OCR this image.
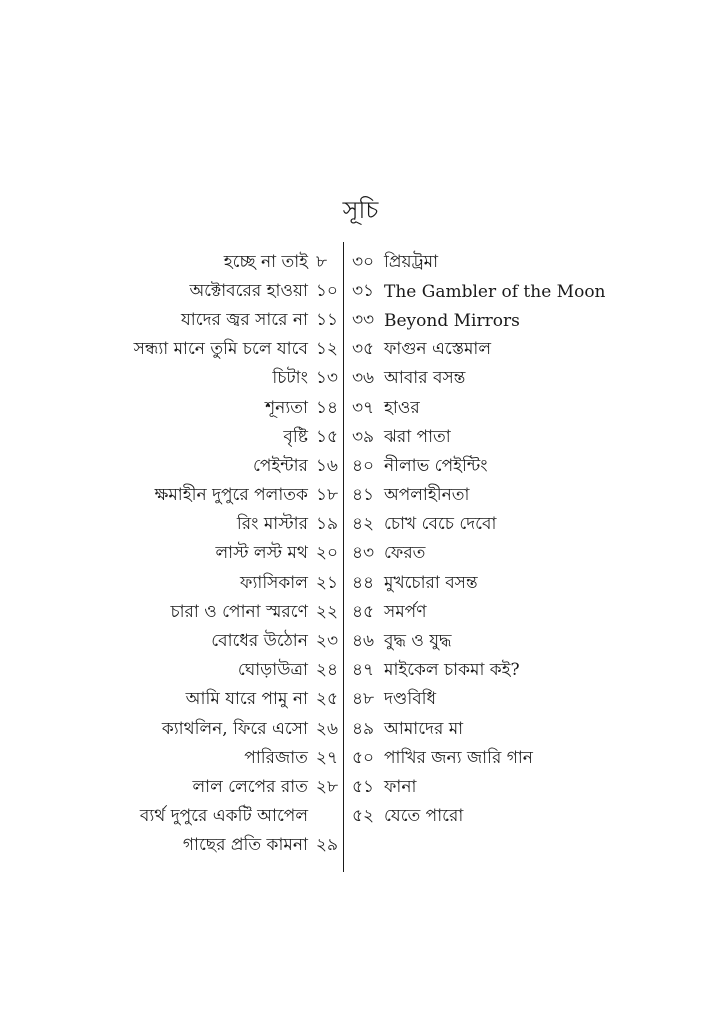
সূচি
হচ্ছে না তাই ৮
অক্টোবরের হাওয়া ১০
যাদের জ্বর সারে না ১১
সন্ধ্যা মানে তুমি চলে যাবে ১২
চিটাং ১৩
শূন্যতা ১৪
বৃষ্টি ১৫
পেইন্টার ১৬
ক্ষমাহীন দুপুরে পলাতক ১৮
রিং মাস্টার ১৯
লাস্ট লস্ট মথ ২০
ফ্যাসিকাল ২১
চারা ও পোনা স্মরণে ২২
বোধের উঠোন ২৩
ঘোড়াউত্রা ২৪
আমি যারে পামু না ২৫
ক্যাথলিন, ফিরে এসো ২৬
পারিজাত ২৭
লাল লেপের রাত ২৮
ব্যর্থ দুপুরে একটি আপেল
গাছের প্রতি কামনা ২৯
৩০ প্রিয়ট্রমা
৩১ The Gambler of the Moon
৩৩ Beyond Mirrors
৩৫ ফাগুন এস্তেমাল
৩৬ আবার বসন্ত
৩৭ হাওর
৩৯ ঝরা পাতা
৪০ নীলাভ পেইন্টিং
৪১ অপলাহীনতা
৪২ চোখ বেচে দেবো
৪৩ ফেরত
৪৪ মুখচোরা বসন্ত
৪৫ সমর্পণ
৪৬ বুদ্ধ ও যুদ্ধ
৪৭ মাইকেল চাকমা কই?
৪৮ দণ্ডবিধি
৪৯ আমাদের মা
৫০ পাখির জন্য জারি গান
৫১ ফানা
৫২ যেতে পারো
